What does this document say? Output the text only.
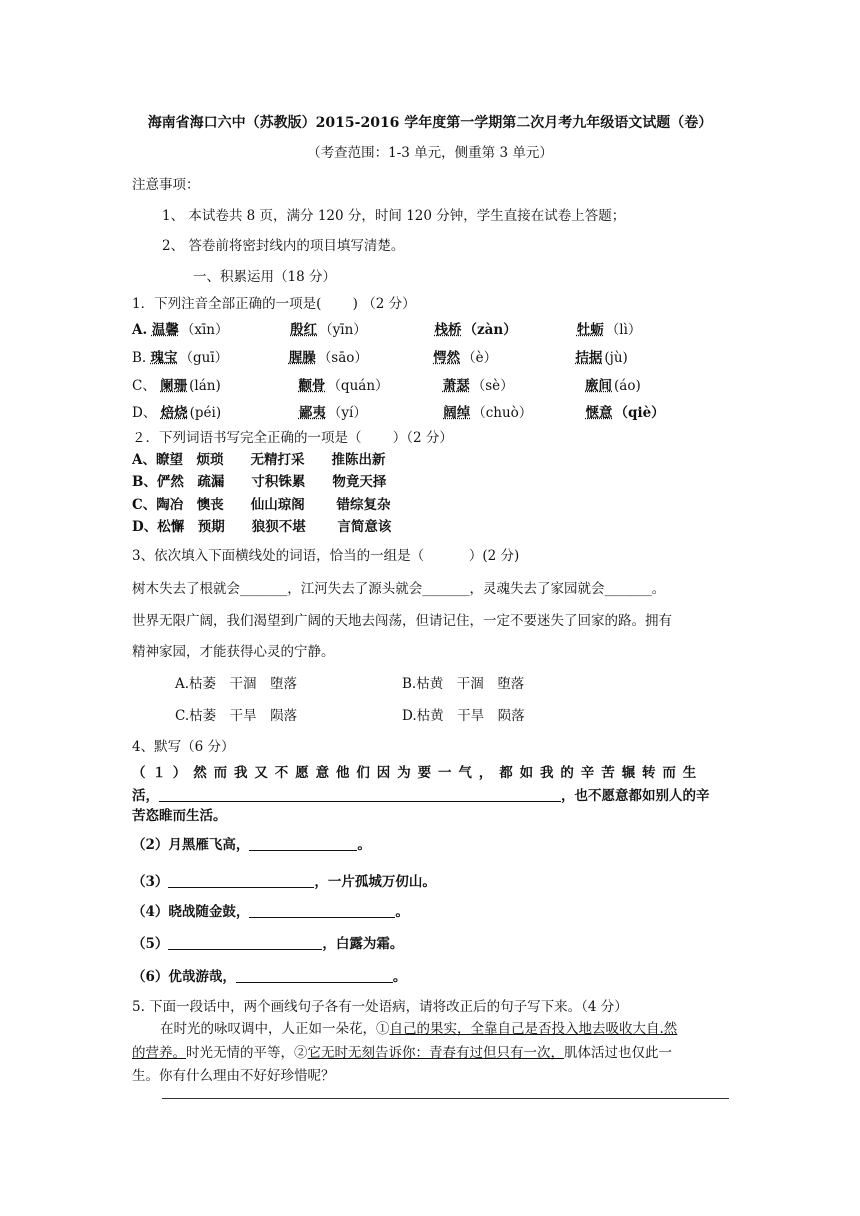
海南省海口六中（苏教版）2015-2016 学年度第一学期第二次月考九年级语文试题（卷）
（考查范围：1-3 单元，侧重第 3 单元）
注意事项：
1、 本试卷共 8 页，满分 120 分，时间 120 分钟，学生直接在试卷上答题；
2、 答卷前将密封线内的项目填写清楚。
一、积累运用（18 分）
1．下列注音全部正确的一项是(　　 ) （2 分）
A. 温馨 （xīn）	殷红 （yīn）	栈桥 （zàn）	牡蛎 （lì）
B. 瑰宝 （guī）	腥臊 （sāo）	愕然 （è）	拮据 (jù)
C、 阑珊 (lán)	颧骨 （quán）	萧瑟 （sè）	廒间 (áo)
D、 焙烧 (péi)	鄙夷 （yí）	阔绰 （chuò）	惬意 （qiè）
２．下列词语书写完全正确的一项是（　　 ）（2 分）
A、瞭望　烦琐　　无精打采　　推陈出新
B、俨然　疏漏　　寸积铢累　　物竟天择
C、陶冶　懊丧　　仙山琼阁　　 错综复杂
D、松懈　预期　　狼狈不堪　　 言简意该
3、依次填入下面横线处的词语，恰当的一组是（　　　 ）(2 分)
树木失去了根就会_______，江河失去了源头就会_______，灵魂失去了家园就会_______。
世界无限广阔，我们渴望到广阔的天地去闯荡，但请记住，一定不要迷失了回家的路。拥有
精神家园，才能获得心灵的宁静。
A.枯萎　干涸　堕落	B.枯黄　干涸　堕落
C.枯萎　干旱　陨落	D.枯黄　干旱　陨落
4、默写（6 分）
（１）然而我又不愿意他们因为要一气，都如我的辛苦辗转而生
活，	，也不愿意都如别人的辛
苦恣睢而生活。
（2）月黑雁飞高，	。
（3）	，一片孤城万仞山。
（4）晓战随金鼓，	。
（5）	，白露为霜。
（6）优哉游哉，	。
5. 下面一段话中，两个画线句子各有一处语病，请将改正后的句子写下来。（4 分）
在时光的咏叹调中，人正如一朵花，①自己的果实，全靠自己是否投入地去吸收大自.然
的营养。时光无情的平等，②它无时无刻告诉你：青春有过但只有一次，肌体活过也仅此一
生。你有什么理由不好好珍惜呢？
